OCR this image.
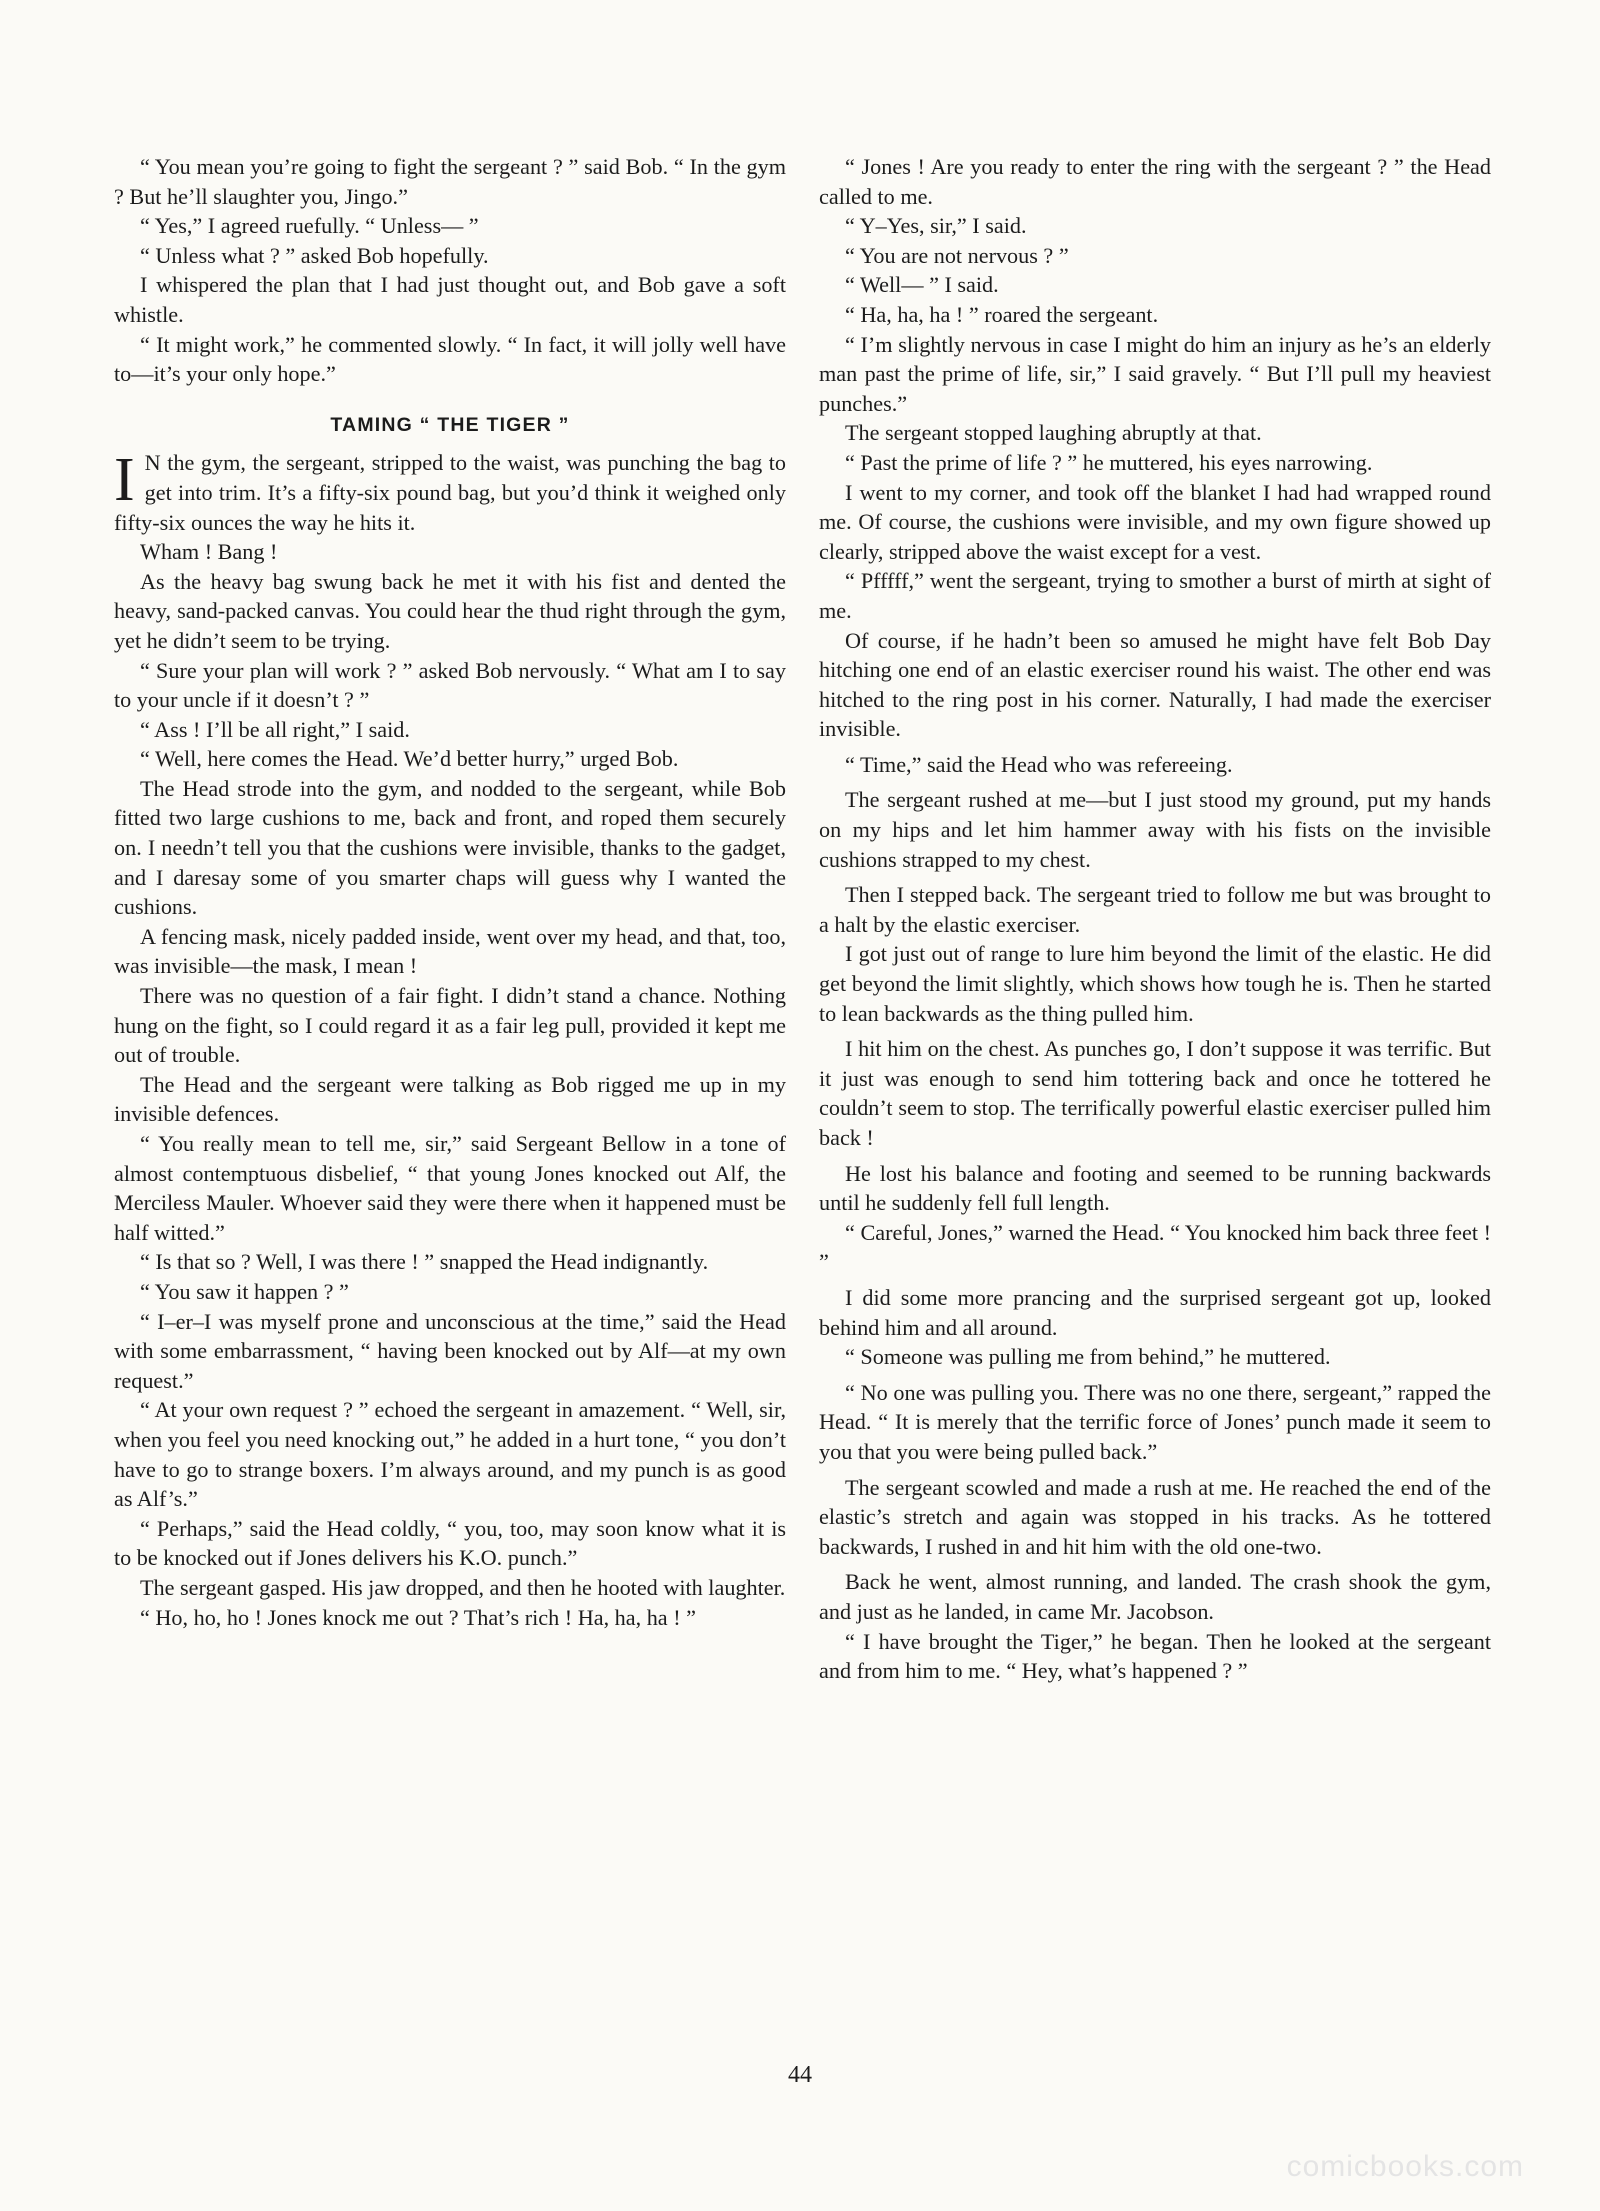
“ You mean you’re going to fight the sergeant ? ” said Bob. “ In the gym ? But he’ll slaughter you, Jingo.”

“ Yes,” I agreed ruefully. “ Unless— ”

“ Unless what ? ” asked Bob hopefully.

I whispered the plan that I had just thought out, and Bob gave a soft whistle.

“ It might work,” he commented slowly. “ In fact, it will jolly well have to—it’s your only hope.”

TAMING “ THE TIGER ”

I N the gym, the sergeant, stripped to the waist, was punching the bag to get into trim. It’s a fifty-six pound bag, but you’d think it weighed only fifty-six ounces the way he hits it.

Wham ! Bang !

As the heavy bag swung back he met it with his fist and dented the heavy, sand-packed canvas. You could hear the thud right through the gym, yet he didn’t seem to be trying.

“ Sure your plan will work ? ” asked Bob nervously. “ What am I to say to your uncle if it doesn’t ? ”

“ Ass ! I’ll be all right,” I said.

“ Well, here comes the Head. We’d better hurry,” urged Bob.

The Head strode into the gym, and nodded to the sergeant, while Bob fitted two large cushions to me, back and front, and roped them securely on. I needn’t tell you that the cushions were invisible, thanks to the gadget, and I daresay some of you smarter chaps will guess why I wanted the cushions.

A fencing mask, nicely padded inside, went over my head, and that, too, was invisible—the mask, I mean !

There was no question of a fair fight. I didn’t stand a chance. Nothing hung on the fight, so I could regard it as a fair leg pull, provided it kept me out of trouble.

The Head and the sergeant were talking as Bob rigged me up in my invisible defences.

“ You really mean to tell me, sir,” said Sergeant Bellow in a tone of almost contemptuous disbelief, “ that young Jones knocked out Alf, the Merciless Mauler. Whoever said they were there when it happened must be half witted.”

“ Is that so ? Well, I was there ! ” snapped the Head indignantly.

“ You saw it happen ? ”

“ I–er–I was myself prone and unconscious at the time,” said the Head with some embarrassment, “ having been knocked out by Alf—at my own request.”

“ At your own request ? ” echoed the sergeant in amazement. “ Well, sir, when you feel you need knocking out,” he added in a hurt tone, “ you don’t have to go to strange boxers. I’m always around, and my punch is as good as Alf’s.”

“ Perhaps,” said the Head coldly, “ you, too, may soon know what it is to be knocked out if Jones delivers his K.O. punch.”

The sergeant gasped. His jaw dropped, and then he hooted with laughter.

“ Ho, ho, ho ! Jones knock me out ? That’s rich ! Ha, ha, ha ! ”

“ Jones ! Are you ready to enter the ring with the sergeant ? ” the Head called to me.

“ Y–Yes, sir,” I said.

“ You are not nervous ? ”

“ Well— ” I said.

“ Ha, ha, ha ! ” roared the sergeant.

“ I’m slightly nervous in case I might do him an injury as he’s an elderly man past the prime of life, sir,” I said gravely. “ But I’ll pull my heaviest punches.”

The sergeant stopped laughing abruptly at that.

“ Past the prime of life ? ” he muttered, his eyes narrowing.

I went to my corner, and took off the blanket I had had wrapped round me. Of course, the cushions were invisible, and my own figure showed up clearly, stripped above the waist except for a vest.

“ Pfffff,” went the sergeant, trying to smother a burst of mirth at sight of me.

Of course, if he hadn’t been so amused he might have felt Bob Day hitching one end of an elastic exerciser round his waist. The other end was hitched to the ring post in his corner. Naturally, I had made the exerciser invisible.

“ Time,” said the Head who was refereeing.

The sergeant rushed at me—but I just stood my ground, put my hands on my hips and let him hammer away with his fists on the invisible cushions strapped to my chest.

Then I stepped back. The sergeant tried to follow me but was brought to a halt by the elastic exerciser.

I got just out of range to lure him beyond the limit of the elastic. He did get beyond the limit slightly, which shows how tough he is. Then he started to lean backwards as the thing pulled him.

I hit him on the chest. As punches go, I don’t suppose it was terrific. But it just was enough to send him tottering back and once he tottered he couldn’t seem to stop. The terrifically powerful elastic exerciser pulled him back !

He lost his balance and footing and seemed to be running backwards until he suddenly fell full length.

“ Careful, Jones,” warned the Head. “ You knocked him back three feet ! ”

I did some more prancing and the surprised sergeant got up, looked behind him and all around.

“ Someone was pulling me from behind,” he muttered.

“ No one was pulling you. There was no one there, sergeant,” rapped the Head. “ It is merely that the terrific force of Jones’ punch made it seem to you that you were being pulled back.”

The sergeant scowled and made a rush at me. He reached the end of the elastic’s stretch and again was stopped in his tracks. As he tottered backwards, I rushed in and hit him with the old one-two.

Back he went, almost running, and landed. The crash shook the gym, and just as he landed, in came Mr. Jacobson.

“ I have brought the Tiger,” he began. Then he looked at the sergeant and from him to me. “ Hey, what’s happened ? ”

44
comicbooks.com
